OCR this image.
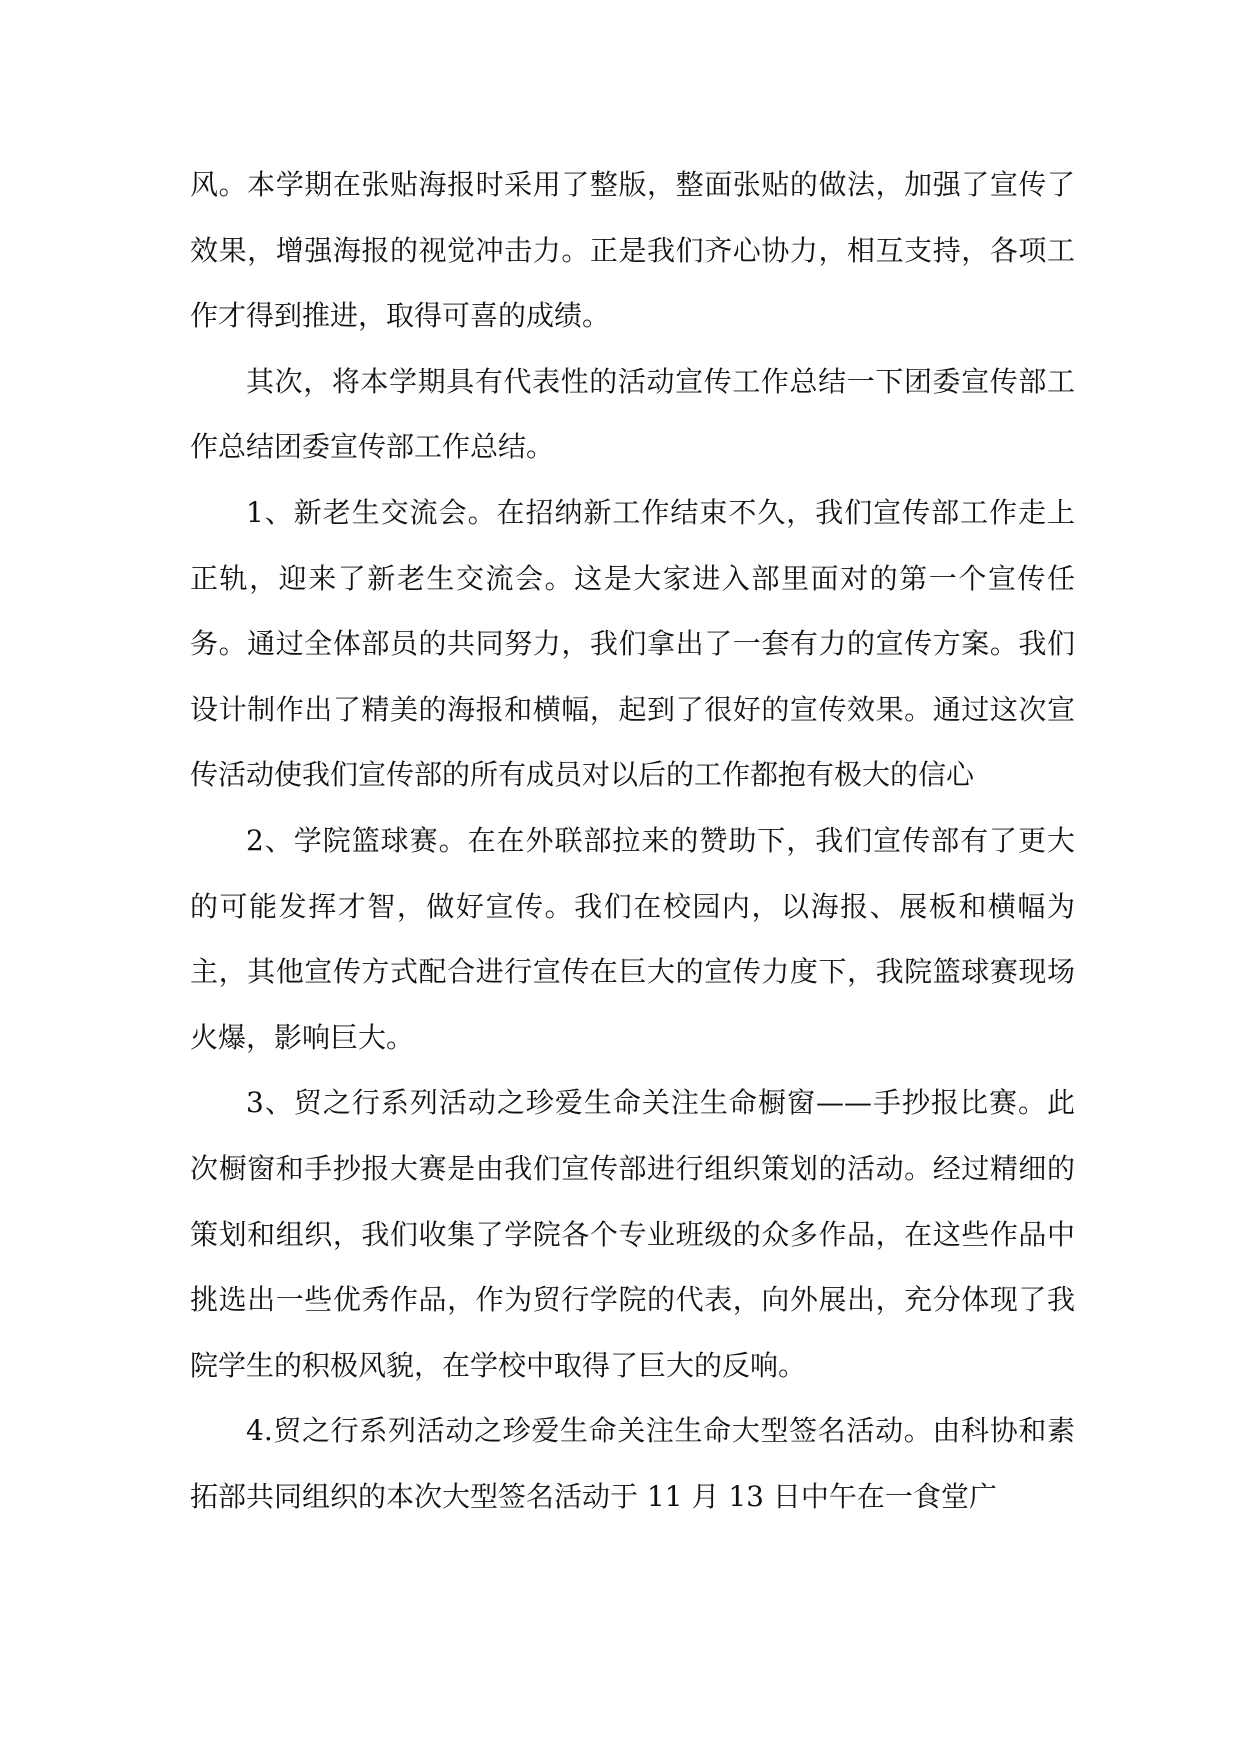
风。本学期在张贴海报时采用了整版，整面张贴的做法，加强了宣传了效果，增强海报的视觉冲击力。正是我们齐心协力，相互支持，各项工作才得到推进，取得可喜的成绩。

其次，将本学期具有代表性的活动宣传工作总结一下团委宣传部工作总结团委宣传部工作总结。

1、新老生交流会。在招纳新工作结束不久，我们宣传部工作走上正轨，迎来了新老生交流会。这是大家进入部里面对的第一个宣传任务。通过全体部员的共同努力，我们拿出了一套有力的宣传方案。我们设计制作出了精美的海报和横幅，起到了很好的宣传效果。通过这次宣传活动使我们宣传部的所有成员对以后的工作都抱有极大的信心

2、学院篮球赛。在在外联部拉来的赞助下，我们宣传部有了更大的可能发挥才智，做好宣传。我们在校园内，以海报、展板和横幅为主，其他宣传方式配合进行宣传在巨大的宣传力度下，我院篮球赛现场火爆，影响巨大。

3、贸之行系列活动之珍爱生命关注生命橱窗——手抄报比赛。此次橱窗和手抄报大赛是由我们宣传部进行组织策划的活动。经过精细的策划和组织，我们收集了学院各个专业班级的众多作品，在这些作品中挑选出一些优秀作品，作为贸行学院的代表，向外展出，充分体现了我院学生的积极风貌，在学校中取得了巨大的反响。

4.贸之行系列活动之珍爱生命关注生命大型签名活动。由科协和素拓部共同组织的本次大型签名活动于 11 月 13 日中午在一食堂广
